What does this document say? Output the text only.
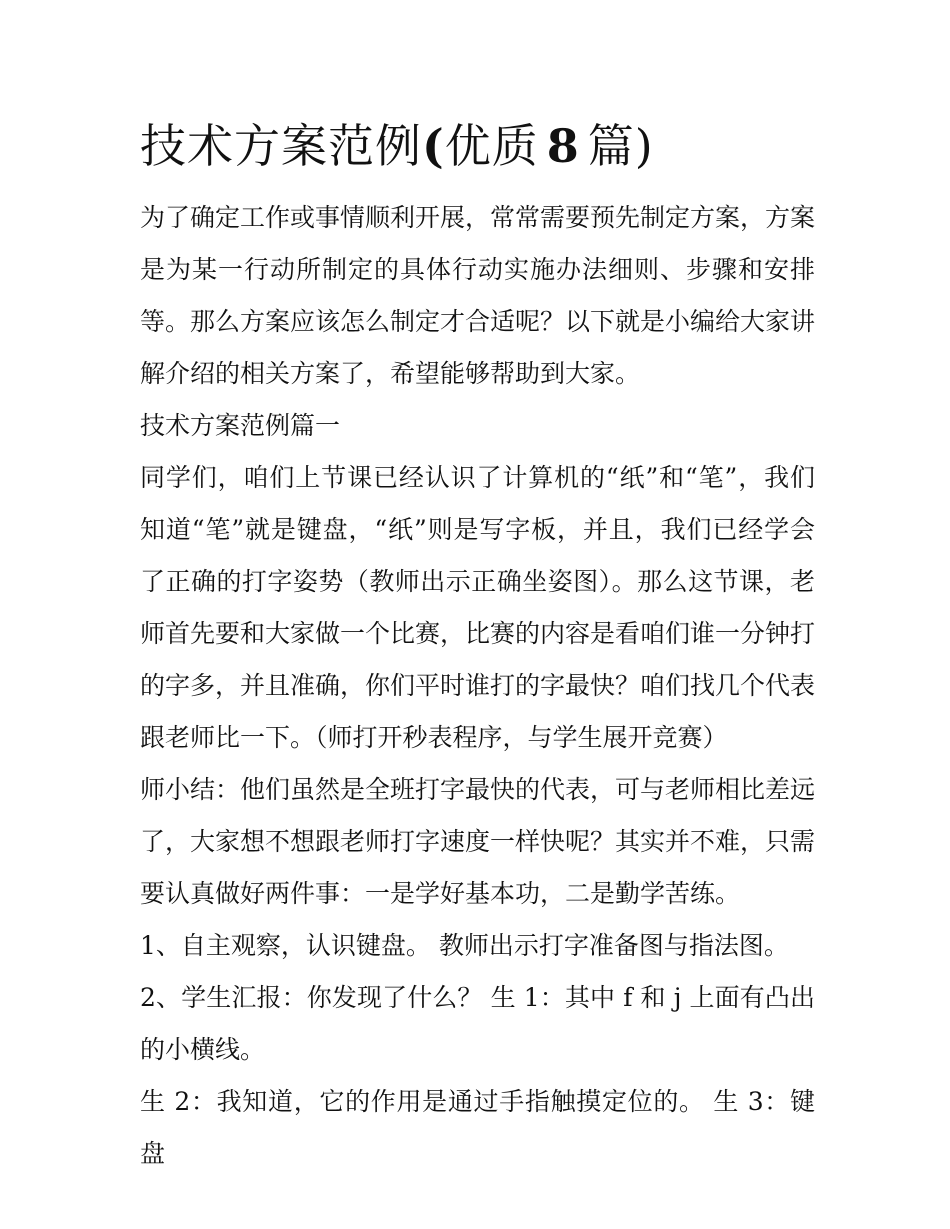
技术方案范例(优质 8 篇)

为了确定工作或事情顺利开展，常常需要预先制定方案，方案是为某一行动所制定的具体行动实施办法细则、步骤和安排等。那么方案应该怎么制定才合适呢？以下就是小编给大家讲解介绍的相关方案了，希望能够帮助到大家。

技术方案范例篇一

同学们，咱们上节课已经认识了计算机的“纸”和“笔”，我们知道“笔”就是键盘，“纸”则是写字板，并且，我们已经学会了正确的打字姿势（教师出示正确坐姿图）。那么这节课，老师首先要和大家做一个比赛，比赛的内容是看咱们谁一分钟打的字多，并且准确，你们平时谁打的字最快？咱们找几个代表跟老师比一下。（师打开秒表程序，与学生展开竞赛）

师小结：他们虽然是全班打字最快的代表，可与老师相比差远了，大家想不想跟老师打字速度一样快呢？其实并不难，只需要认真做好两件事：一是学好基本功，二是勤学苦练。

1、自主观察，认识键盘。 教师出示打字准备图与指法图。

2、学生汇报：你发现了什么？ 生 1：其中 f 和 j 上面有凸出的小横线。

生 2：我知道，它的作用是通过手指触摸定位的。 生 3：键盘
